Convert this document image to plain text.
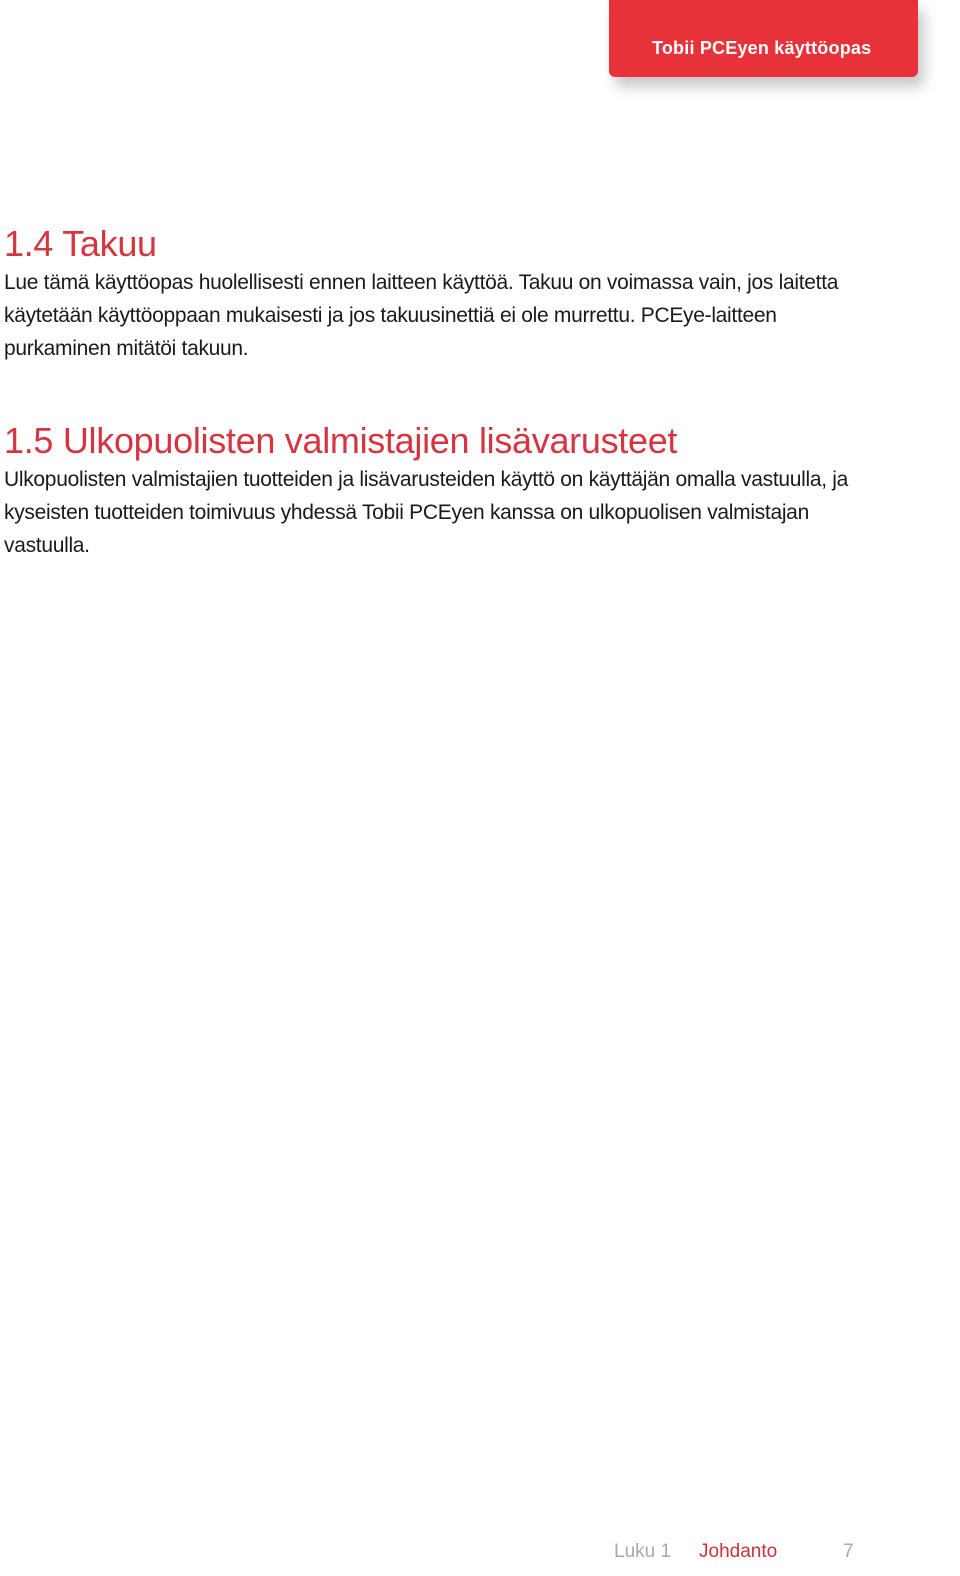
Tobii PCEyen käyttöopas
1.4 Takuu

Lue tämä käyttöopas huolellisesti ennen laitteen käyttöä. Takuu on voimassa vain, jos laitetta käytetään käyttöoppaan mukaisesti ja jos takuusinettiä ei ole murrettu. PCEye-laitteen purkaminen mitätöi takuun.

1.5 Ulkopuolisten valmistajien lisävarusteet

Ulkopuolisten valmistajien tuotteiden ja lisävarusteiden käyttö on käyttäjän omalla vastuulla, ja kyseisten tuotteiden toimivuus yhdessä Tobii PCEyen kanssa on ulkopuolisen valmistajan vastuulla.

Luku 1 Johdanto	7
